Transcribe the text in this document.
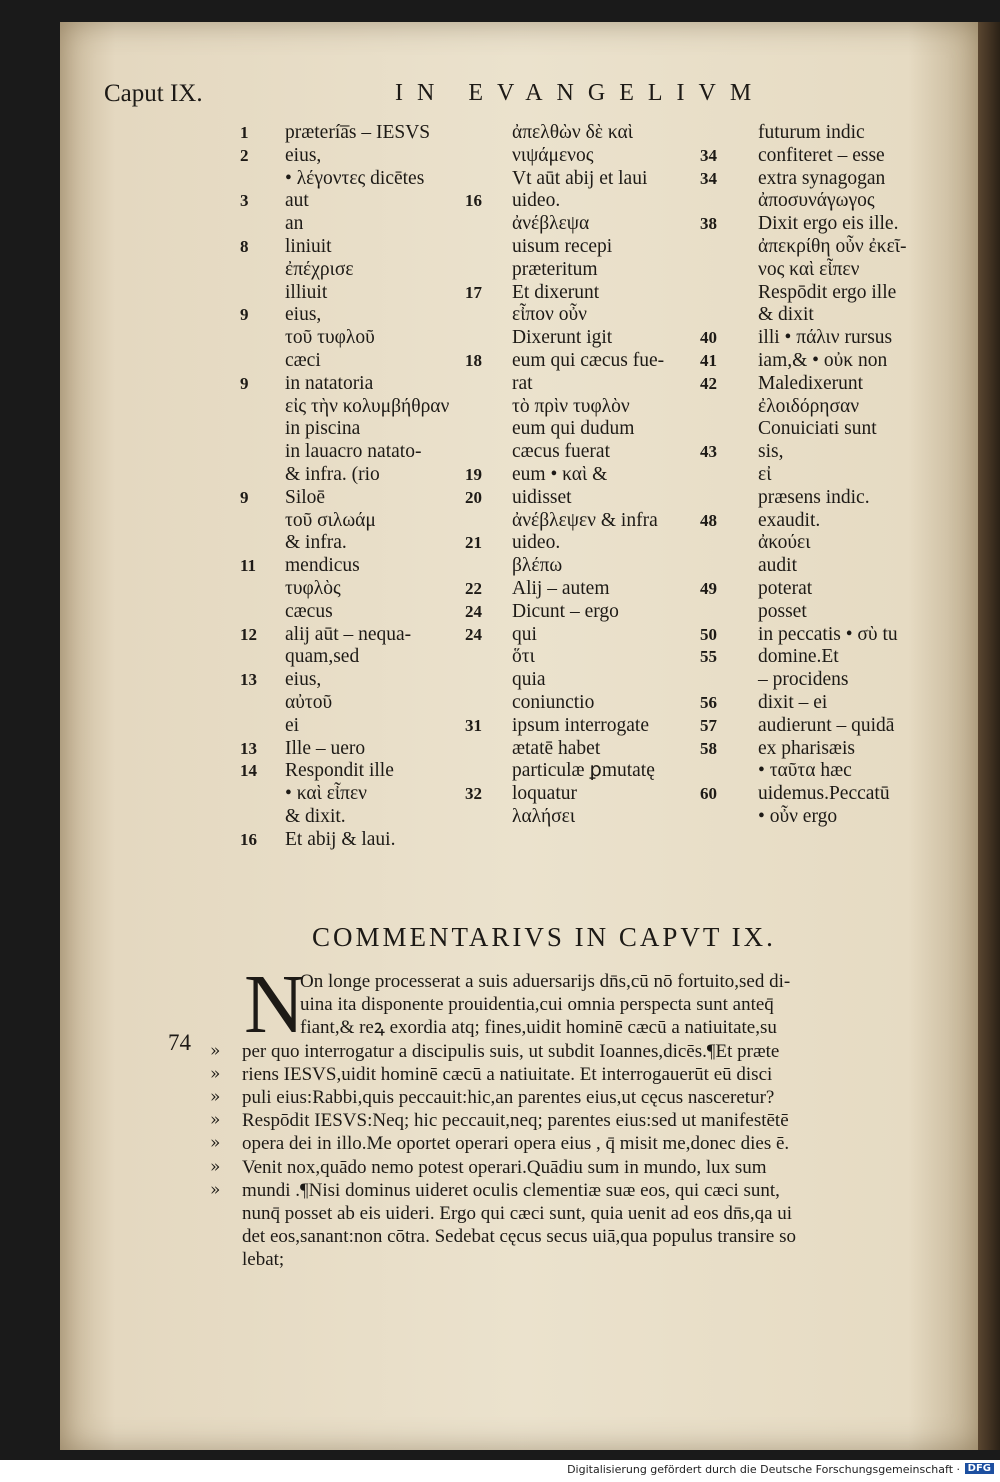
Caput IX.	IN EVANGELIVM
1 prætería̅s – IESVS
2 eius,
• λέγοντες dicētes
3 aut
an
8 liniuit
ἐπέχρισε
illiuit
9 eius,
τοῦ τυφλοῦ
cæci
9 in natatoria
εἰς τὴν κολυμβήθραν
in piscina
in lauacro natato-
& infra. (rio
9 Siloē
τοῦ σιλωάμ
& infra.
11 mendicus
τυφλὸς
cæcus
12 alij aūt – nequa-
quam,sed
13 eius,
αὐτοῦ
ei
13 Ille – uero
14 Respondit ille
• καὶ εἶπεν
& dixit.
16 Et abij & laui.
ἀπελθὼν δὲ καὶ
νιψάμενος
Vt aūt abij et laui
16 uideo.
ἀνέβλεψα
uisum recepi
præteritum
17 Et dixerunt
εἶπον οὖν
Dixerunt igit
18 eum qui cæcus fue-
rat
τὸ πρὶν τυφλὸν
eum qui dudum
cæcus fuerat
19 eum • καὶ &
20 uidisset
ἀνέβλεψεν & infra
21 uideo.
βλέπω
22 Alij – autem
24 Dicunt – ergo
24 qui
ὅτι
quia
coniunctio
31 ipsum interrogate
ætatē habet
particulæ ꝑmutatę
32 loquatur
λαλήσει
futurum indic
34 confiteret – esse
34 extra synagogan
ἀποσυνάγωγος
38 Dixit ergo eis ille.
ἀπεκρίθη οὖν ἐκεῖ-
νος καὶ εἶπεν
Respōdit ergo ille
& dixit
40 illi • πάλιν rursus
41 iam,& • οὐκ non
42 Maledixerunt
ἐλοιδόρησαν
Conuiciati sunt
43 sis,
εἰ
præsens indic.
48 exaudit.
ἀκούει
audit
49 poterat
posset
50 in peccatis • σὺ tu
55 domine.Et
– procidens
56 dixit – ei
57 audierunt – quidā
58 ex pharisæis
• ταῦτα hæc
60 uidemus.Peccatū
• οὖν ergo
COMMENTARIVS IN CAPVT IX.
74 »
»
»
»
»
»
»
N
On longe processerat a suis aduersarijs dn̄s,cū nō fortuito,sed di-
uina ita disponente prouidentia,cui omnia perspecta sunt anteq̄
fiant,& reꝝ exordia atq; fines,uidit hominē cæcū a natiuitate,su
per quo interrogatur a discipulis suis, ut subdit Ioannes,dicēs.¶Et præte
riens IESVS,uidit hominē cæcū a natiuitate. Et interrogauerūt eū disci
puli eius:Rabbi,quis peccauit:hic,an parentes eius,ut cęcus nasceretur?
Respōdit IESVS:Neq; hic peccauit,neq; parentes eius:sed ut manifestētē
opera dei in illo.Me oportet operari opera eius , q̄ misit me,donec dies ē.
Venit nox,quādo nemo potest operari.Quādiu sum in mundo, lux sum
mundi .¶Nisi dominus uideret oculis clementiæ suæ eos, qui cæci sunt,
nunq̄ posset ab eis uideri. Ergo qui cæci sunt, quia uenit ad eos dn̄s,qa ui
det eos,sanant:non cōtra. Sedebat cęcus secus uiā,qua populus transire so
lebat;
Digitalisierung gefördert durch die Deutsche Forschungsgemeinschaft · DFG
